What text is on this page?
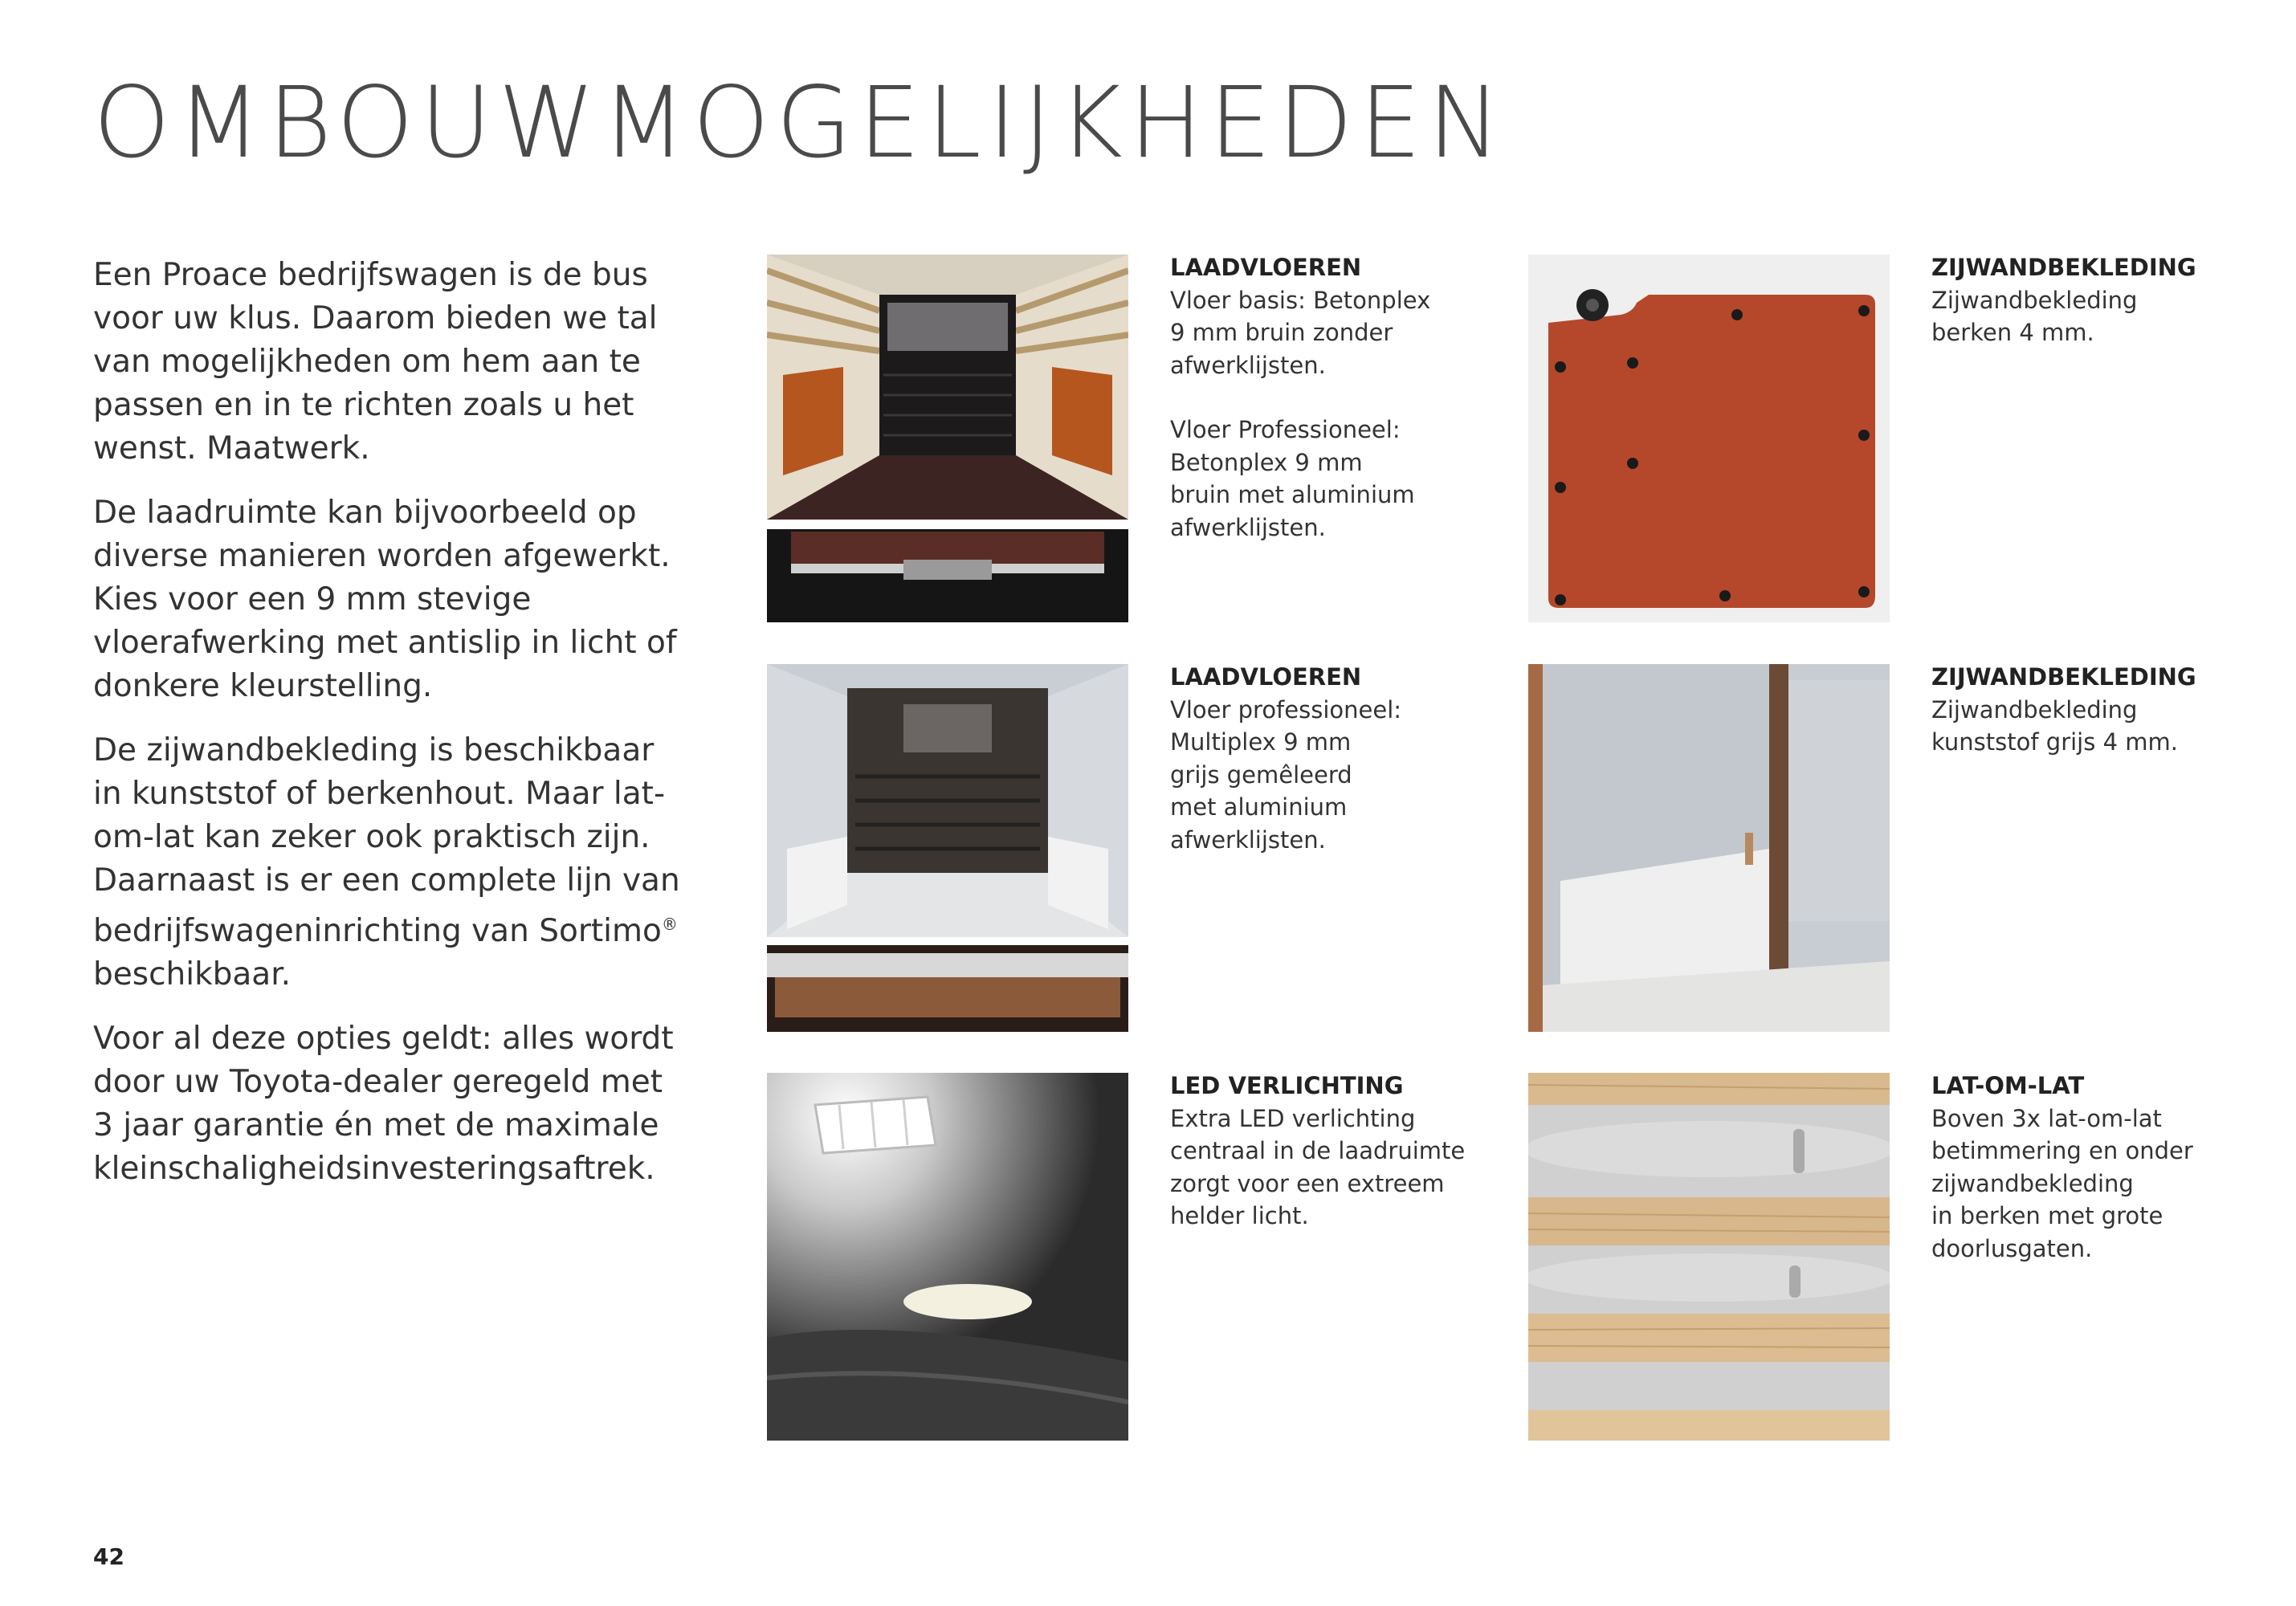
OMBOUWMOGELIJKHEDEN

Een Proace bedrijfswagen is de bus
voor uw klus. Daarom bieden we tal
van mogelijkheden om hem aan te
passen en in te richten zoals u het
wenst. Maatwerk.

De laadruimte kan bijvoorbeeld op
diverse manieren worden afgewerkt.
Kies voor een 9 mm stevige
vloerafwerking met antislip in licht of
donkere kleurstelling.

De zijwandbekleding is beschikbaar
in kunststof of berkenhout. Maar lat-
om-lat kan zeker ook praktisch zijn.
Daarnaast is er een complete lijn van
bedrijfswageninrichting van Sortimo®
beschikbaar.

Voor al deze opties geldt: alles wordt
door uw Toyota-dealer geregeld met
3 jaar garantie én met de maximale
kleinschaligheidsinvesteringsaftrek.

LAADVLOEREN
Vloer basis: Betonplex
9 mm bruin zonder
afwerklijsten.
Vloer Professioneel:
Betonplex 9 mm
bruin met aluminium
afwerklijsten.
ZIJWANDBEKLEDING
Zijwandbekleding
berken 4 mm.
LAADVLOEREN
Vloer professioneel:
Multiplex 9 mm
grijs gemêleerd
met aluminium
afwerklijsten.
ZIJWANDBEKLEDING
Zijwandbekleding
kunststof grijs 4 mm.
LED VERLICHTING
Extra LED verlichting
centraal in de laadruimte
zorgt voor een extreem
helder licht.
LAT-OM-LAT
Boven 3x lat-om-lat
betimmering en onder
zijwandbekleding
in berken met grote
doorlusgaten.
42
